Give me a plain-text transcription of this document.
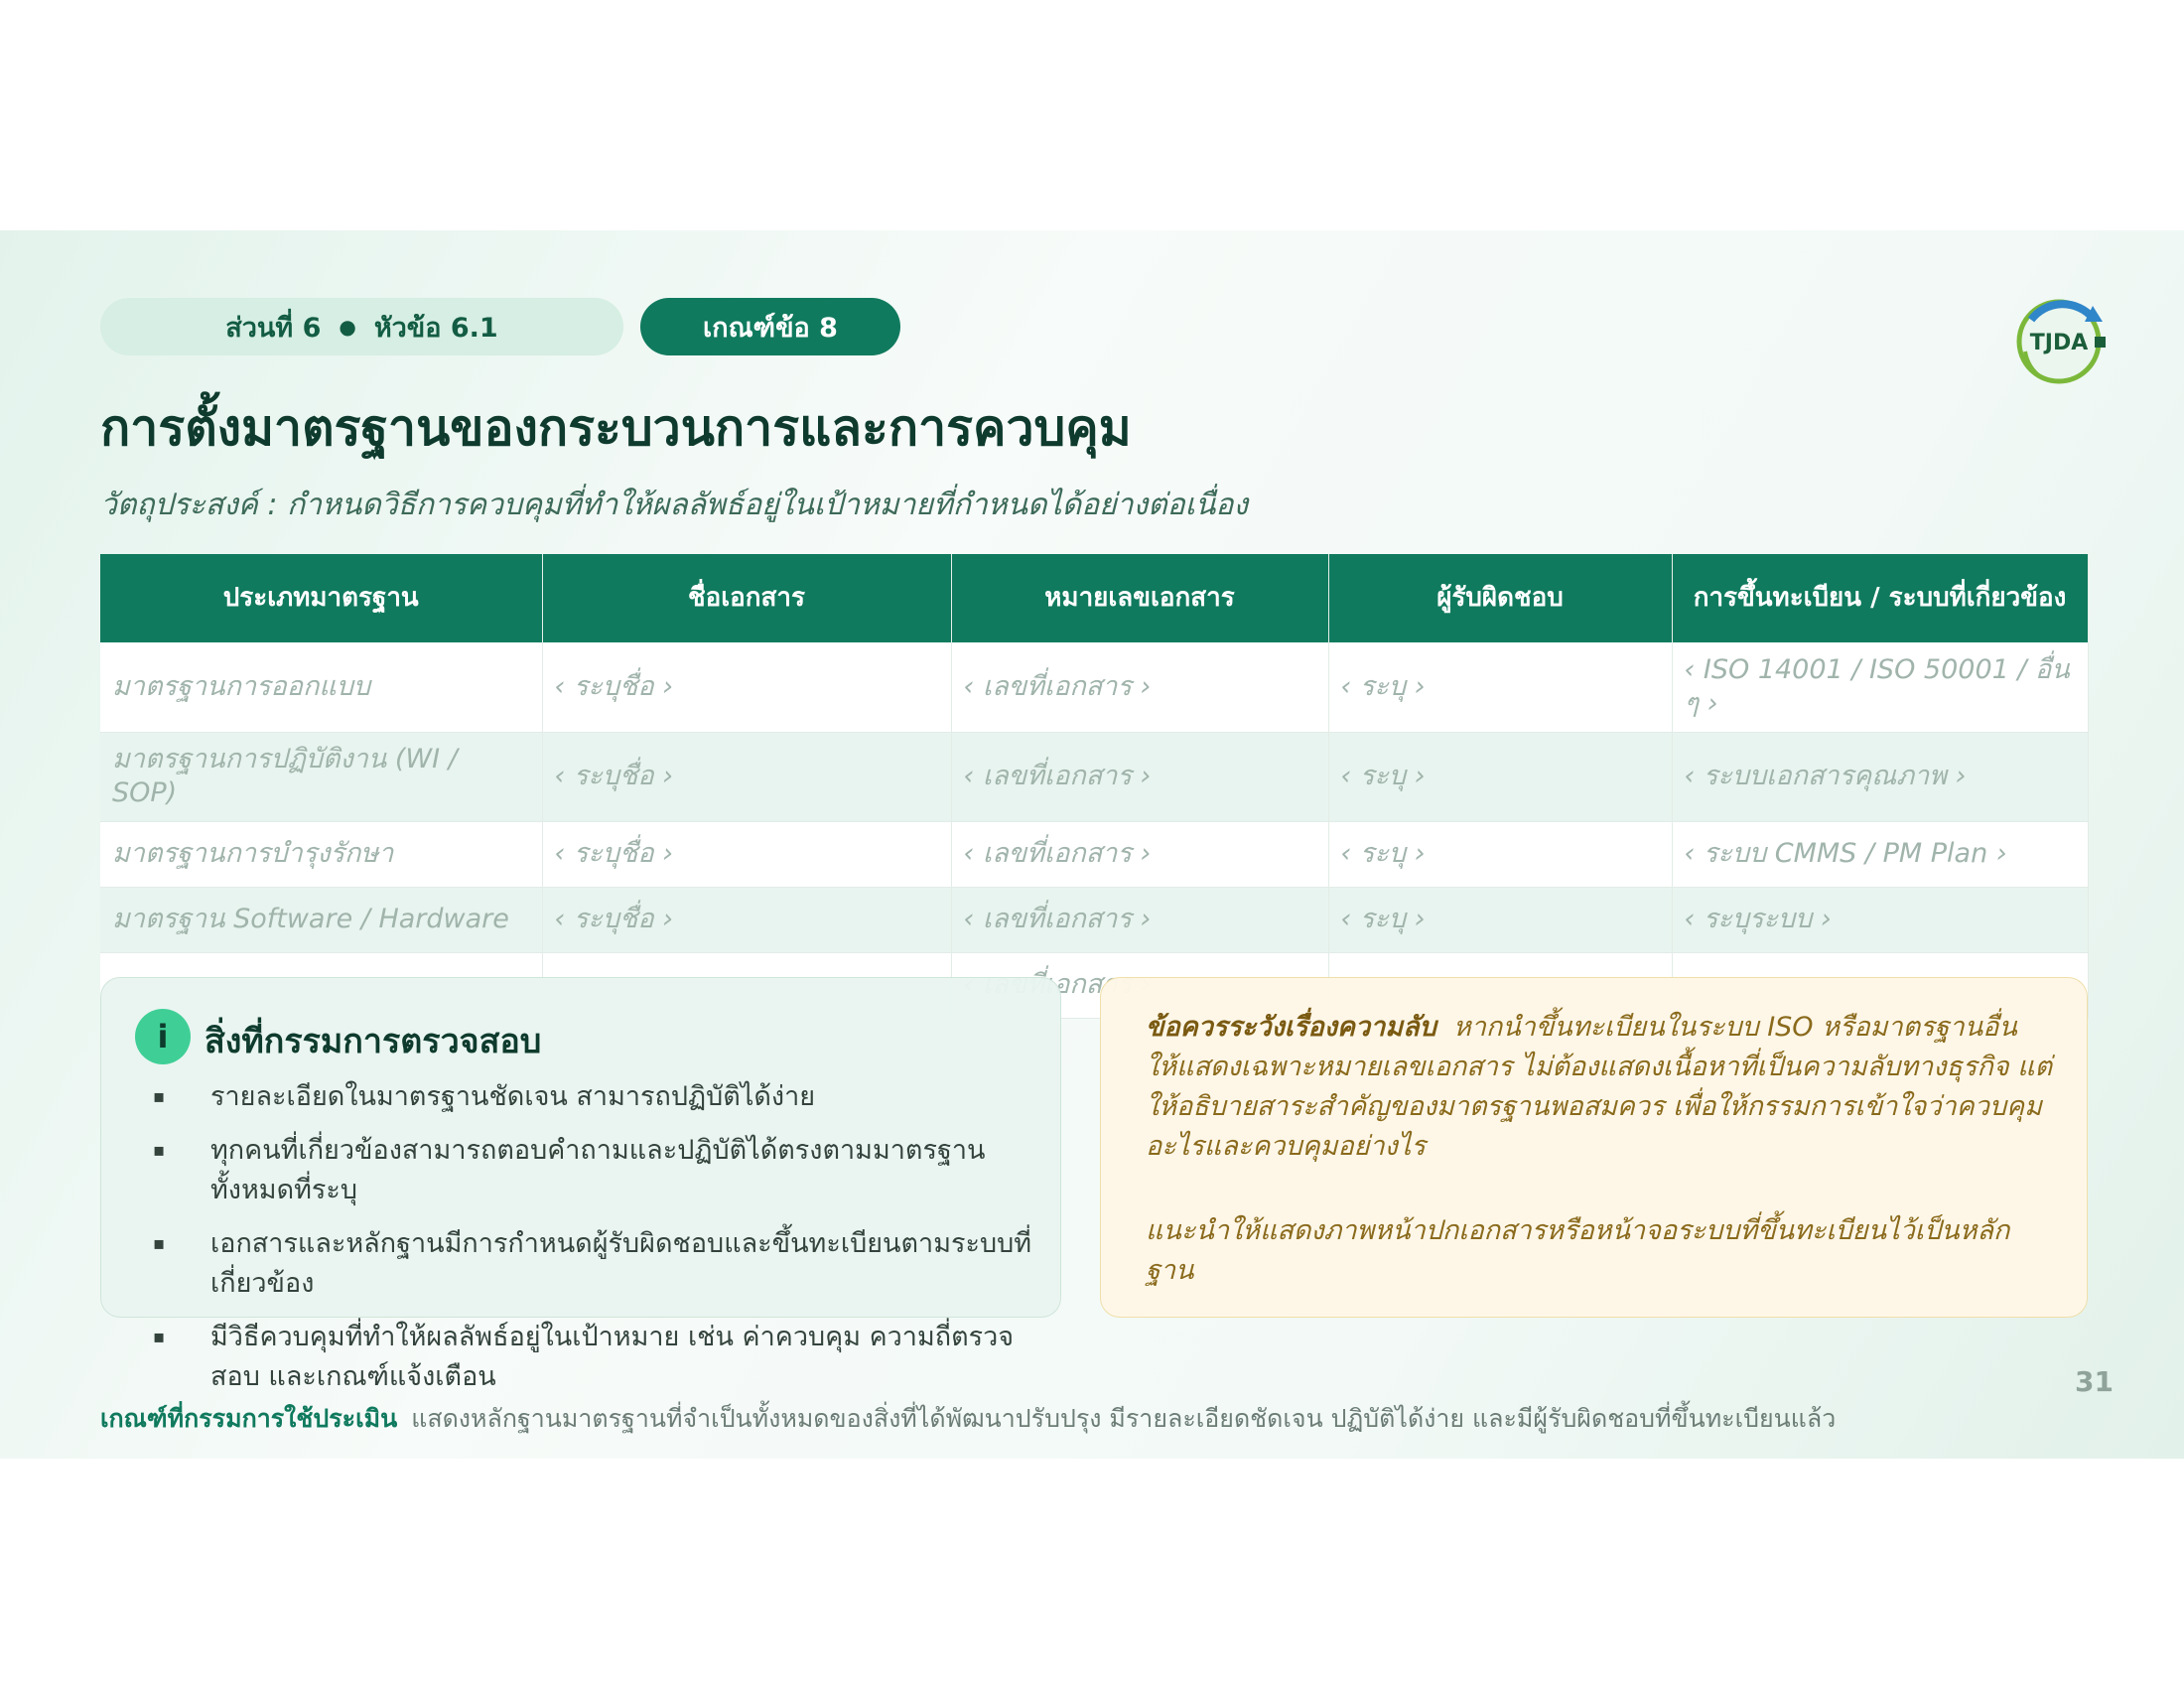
ส่วนที่ 6 ● หัวข้อ 6.1	เกณฑ์ข้อ 8	TJDA
การตั้งมาตรฐานของกระบวนการและการควบคุม
วัตถุประสงค์ : กำหนดวิธีการควบคุมที่ทำให้ผลลัพธ์อยู่ในเป้าหมายที่กำหนดได้อย่างต่อเนื่อง
ประเภทมาตรฐาน	ชื่อเอกสาร	หมายเลขเอกสาร	ผู้รับผิดชอบ	การขึ้นทะเบียน / ระบบที่เกี่ยวข้อง
มาตรฐานการออกแบบ	‹ ระบุชื่อ ›	‹ เลขที่เอกสาร ›	‹ ระบุ ›	‹ ISO 14001 / ISO 50001 / อื่น ๆ ›
มาตรฐานการปฏิบัติงาน (WI / SOP)	‹ ระบุชื่อ ›	‹ เลขที่เอกสาร ›	‹ ระบุ ›	‹ ระบบเอกสารคุณภาพ ›
มาตรฐานการบำรุงรักษา	‹ ระบุชื่อ ›	‹ เลขที่เอกสาร ›	‹ ระบุ ›	‹ ระบบ CMMS / PM Plan ›
มาตรฐาน Software / Hardware	‹ ระบุชื่อ ›	‹ เลขที่เอกสาร ›	‹ ระบุ ›	‹ ระบุระบบ ›

i	สิ่งที่กรรมการตรวจสอบ
▪ รายละเอียดในมาตรฐานชัดเจน สามารถปฏิบัติได้ง่าย
▪ ทุกคนที่เกี่ยวข้องสามารถตอบคำถามและปฏิบัติได้ตรงตามมาตรฐานทั้งหมดที่ระบุ
▪ เอกสารและหลักฐานมีการกำหนดผู้รับผิดชอบและขึ้นทะเบียนตามระบบที่เกี่ยวข้อง
▪ มีวิธีควบคุมที่ทำให้ผลลัพธ์อยู่ในเป้าหมาย เช่น ค่าควบคุม ความถี่ตรวจสอบ และเกณฑ์แจ้งเตือน
ข้อควรระวังเรื่องความลับ หากนำขึ้นทะเบียนในระบบ ISO หรือมาตรฐานอื่น ให้แสดงเฉพาะหมายเลขเอกสาร ไม่ต้องแสดงเนื้อหาที่เป็นความลับทางธุรกิจ แต่ให้อธิบายสาระสำคัญของมาตรฐานพอสมควร เพื่อให้กรรมการเข้าใจว่าควบคุมอะไรและควบคุมอย่างไร
แนะนำให้แสดงภาพหน้าปกเอกสารหรือหน้าจอระบบที่ขึ้นทะเบียนไว้เป็นหลักฐาน
31
เกณฑ์ที่กรรมการใช้ประเมิน แสดงหลักฐานมาตรฐานที่จำเป็นทั้งหมดของสิ่งที่ได้พัฒนาปรับปรุง มีรายละเอียดชัดเจน ปฏิบัติได้ง่าย และมีผู้รับผิดชอบที่ขึ้นทะเบียนแล้ว
